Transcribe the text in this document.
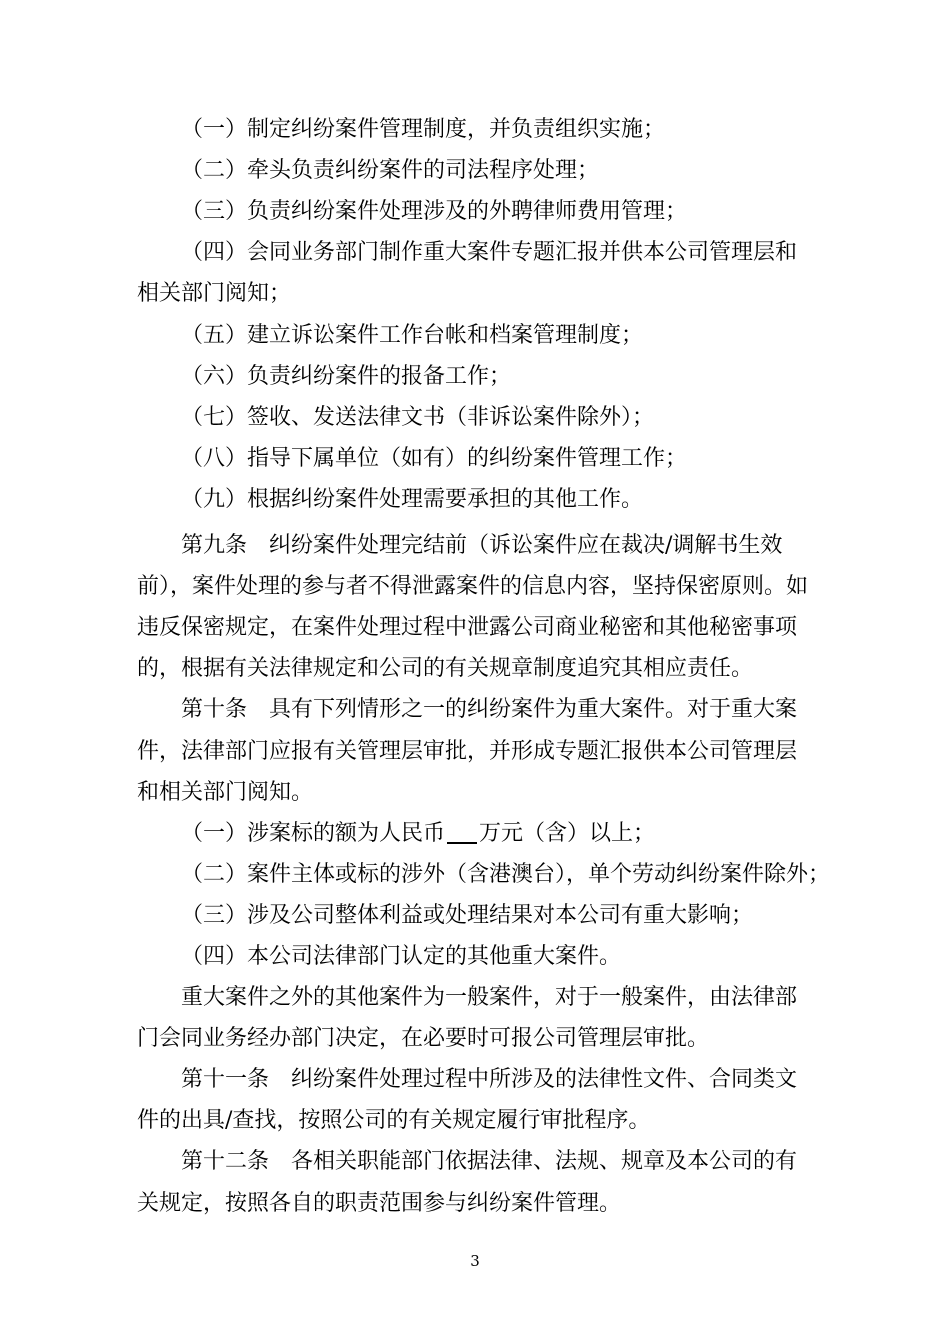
（一）制定纠纷案件管理制度，并负责组织实施；
（二）牵头负责纠纷案件的司法程序处理；
（三）负责纠纷案件处理涉及的外聘律师费用管理；
（四）会同业务部门制作重大案件专题汇报并供本公司管理层和
相关部门阅知；
（五）建立诉讼案件工作台帐和档案管理制度；
（六）负责纠纷案件的报备工作；
（七）签收、发送法律文书（非诉讼案件除外）；
（八）指导下属单位（如有）的纠纷案件管理工作；
（九）根据纠纷案件处理需要承担的其他工作。
第九条　纠纷案件处理完结前（诉讼案件应在裁决/调解书生效
前），案件处理的参与者不得泄露案件的信息内容，坚持保密原则。如
违反保密规定，在案件处理过程中泄露公司商业秘密和其他秘密事项
的，根据有关法律规定和公司的有关规章制度追究其相应责任。
第十条　具有下列情形之一的纠纷案件为重大案件。对于重大案
件，法律部门应报有关管理层审批，并形成专题汇报供本公司管理层
和相关部门阅知。
（一）涉案标的额为人民币 万元（含）以上；
（二）案件主体或标的涉外（含港澳台），单个劳动纠纷案件除外；
（三）涉及公司整体利益或处理结果对本公司有重大影响；
（四）本公司法律部门认定的其他重大案件。
重大案件之外的其他案件为一般案件，对于一般案件，由法律部
门会同业务经办部门决定，在必要时可报公司管理层审批。
第十一条　纠纷案件处理过程中所涉及的法律性文件、合同类文
件的出具/查找，按照公司的有关规定履行审批程序。
第十二条　各相关职能部门依据法律、法规、规章及本公司的有
关规定，按照各自的职责范围参与纠纷案件管理。
3
